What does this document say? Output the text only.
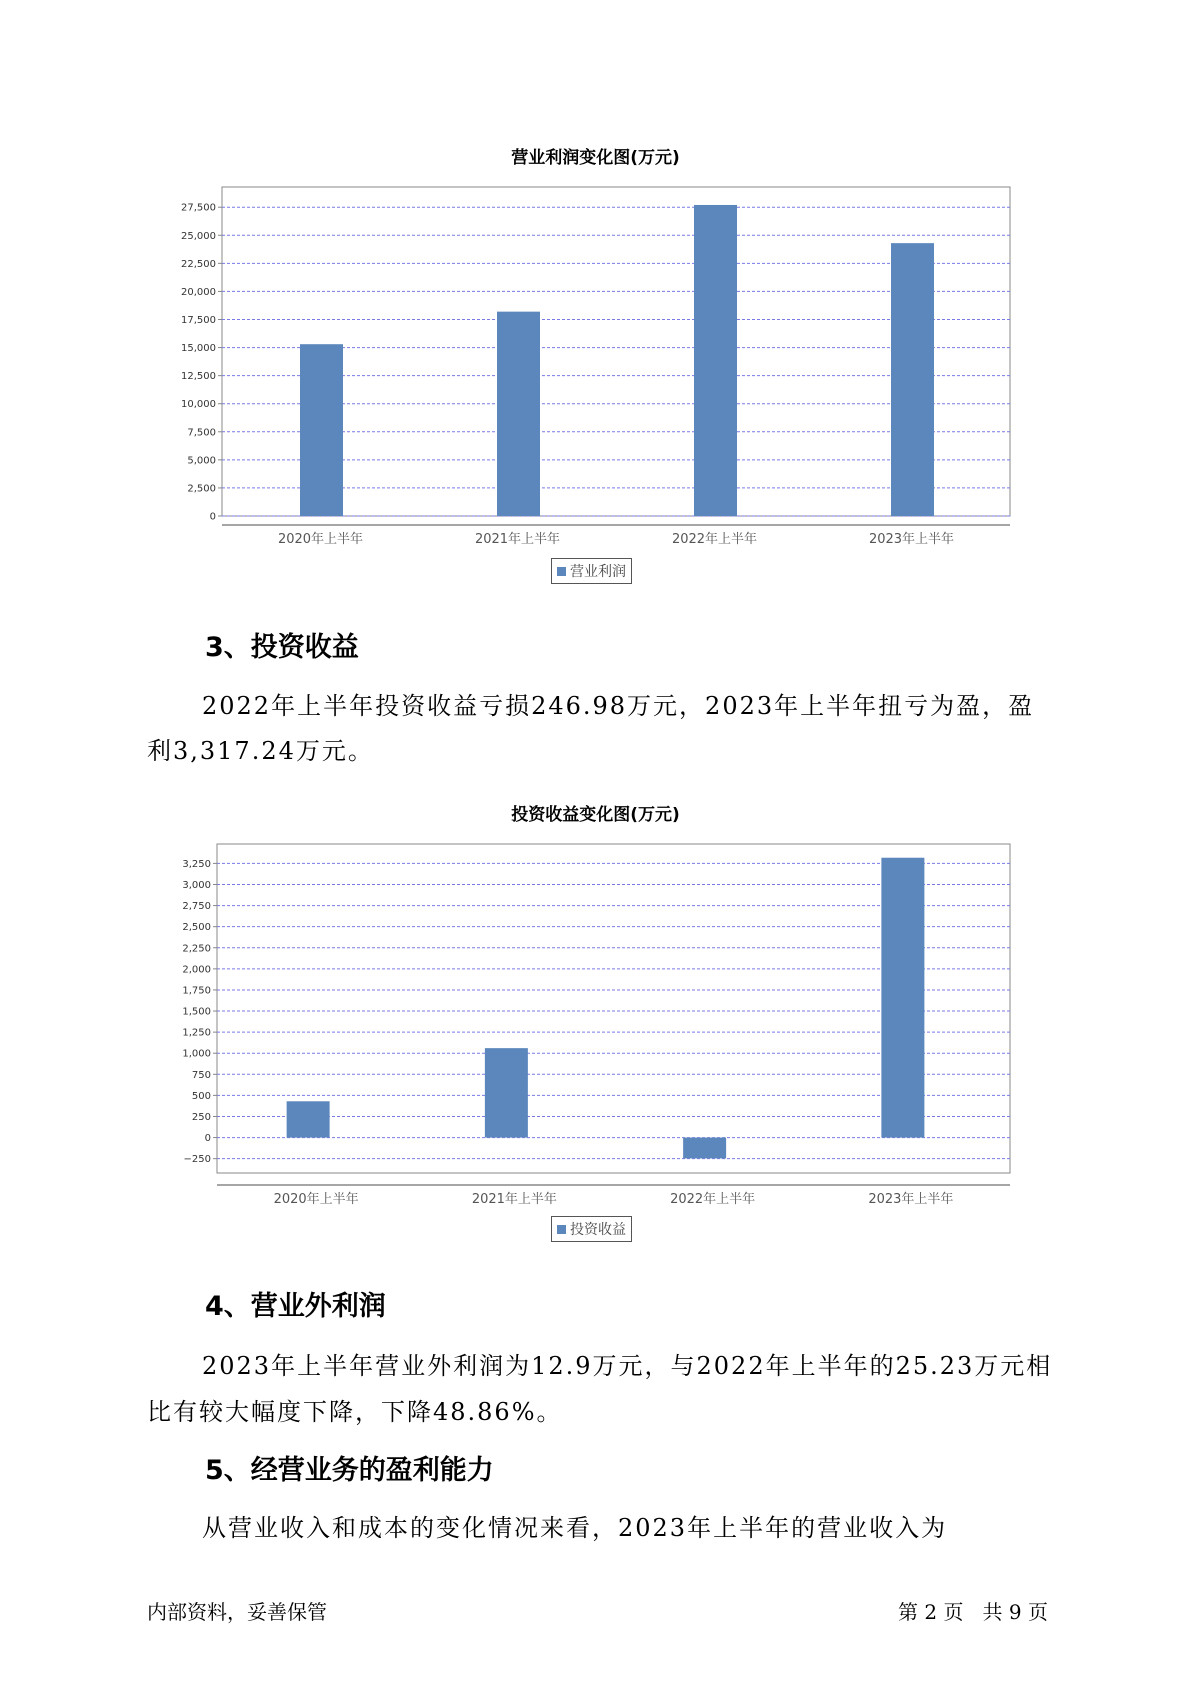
营业利润变化图(万元)
0
2,500
5,000
7,500
10,000
12,500
15,000
17,500
20,000
22,500
25,000
27,500
2020年上半年	2021年上半年	2022年上半年	2023年上半年
营业利润
3、投资收益
2022年上半年投资收益亏损246.98万元，2023年上半年扭亏为盈，盈
利3,317.24万元。
投资收益变化图(万元)
−250
0
250
500
750
1,000
1,250
1,500
1,750
2,000
2,250
2,500
2,750
3,000
3,250
2020年上半年	2021年上半年	2022年上半年	2023年上半年
投资收益
4、营业外利润
2023年上半年营业外利润为12.9万元，与2022年上半年的25.23万元相
比有较大幅度下降，下降48.86%。
5、经营业务的盈利能力
从营业收入和成本的变化情况来看，2023年上半年的营业收入为
内部资料，妥善保管	第 2 页   共 9 页
